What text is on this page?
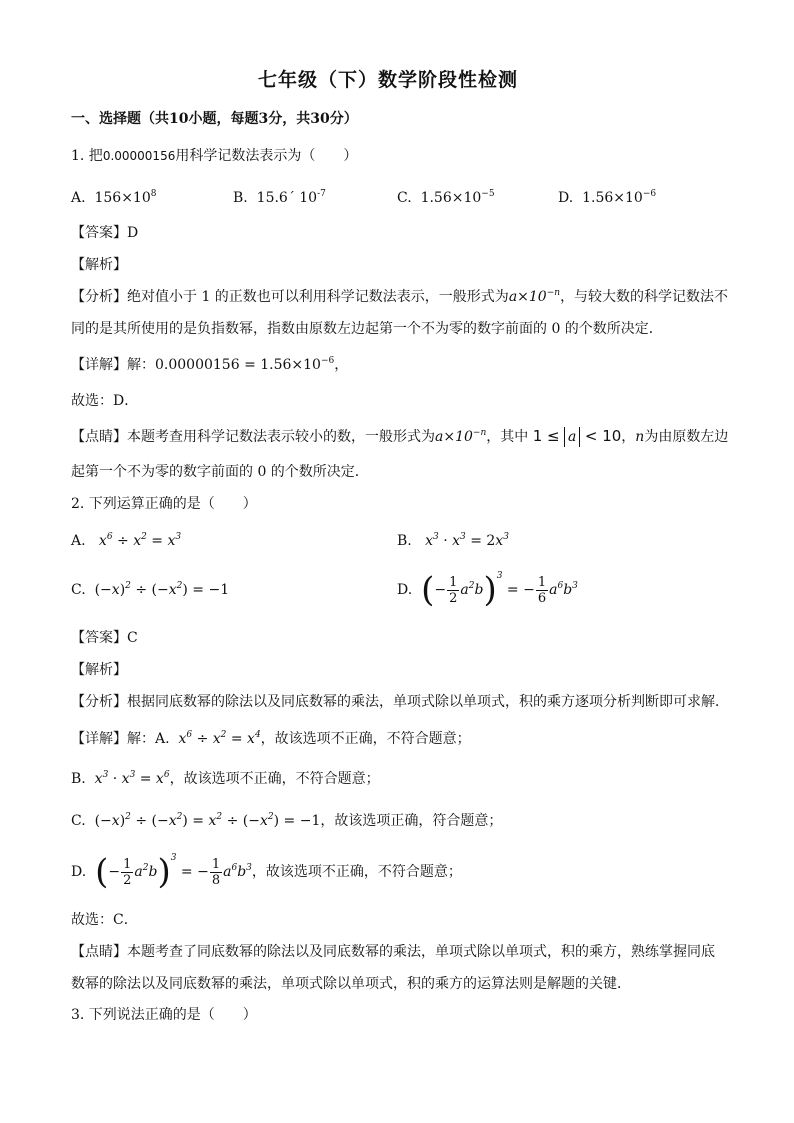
七年级（下）数学阶段性检测
一、选择题（共10小题，每题3分，共30分）
1. 把0.00000156用科学记数法表示为（　　）
A. $156\times 10^8$	B. 15.6´ $10^{-7}$	C. $1.56\times 10^{-5}$	D. $1.56\times 10^{-6}$
【答案】D
【解析】
【分析】绝对值小于 1 的正数也可以利用科学记数法表示，一般形式为$a\times 10^{-n}$，与较大数的科学记数法不
同的是其所使用的是负指数幂，指数由原数左边起第一个不为零的数字前面的 0 的个数所决定．
【详解】解：$0.00000156 = 1.56\times 10^{-6}$，
故选：D．
【点睛】本题考查用科学记数法表示较小的数，一般形式为$a\times 10^{-n}$，其中 1 ≤ a < 10，n为由原数左边
起第一个不为零的数字前面的 0 的个数所决定．
2. 下列运算正确的是（　　）
A. $x^6 \div x^2 = x^3$	B. $x^3 \cdot x^3 = 2x^3$
C. $(-x)^2 \div (-x^2) = -1$	D. (− $\frac{1}{2} a^2b)^3$ = − $\frac{1}{6} a^6b^3$
【答案】C
【解析】
【分析】根据同底数幂的除法以及同底数幂的乘法，单项式除以单项式，积的乘方逐项分析判断即可求解．
【详解】解：A. $x^6 \div x^2 = x^4$，故该选项不正确，不符合题意；
B. $x^3 \cdot x^3 = x^6$，故该选项不正确，不符合题意；
C. $(-x)^2 \div (-x^2) = x^2 \div (-x^2) = -1$，故该选项正确，符合题意；
D. (− $\frac{1}{2} a^2b)^3$ = − $\frac{1}{8} a^6b^3$，故该选项不正确，不符合题意；
故选：C．
【点睛】本题考查了同底数幂的除法以及同底数幂的乘法，单项式除以单项式，积的乘方，熟练掌握同底
数幂的除法以及同底数幂的乘法，单项式除以单项式，积的乘方的运算法则是解题的关键．
3. 下列说法正确的是（　　）
